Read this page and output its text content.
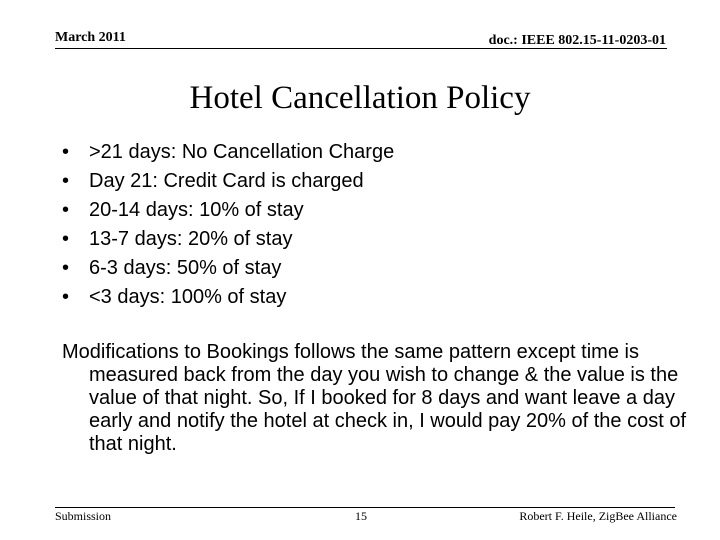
March 2011	doc.: IEEE 802.15-11-0203-01
Hotel Cancellation Policy
• >21 days: No Cancellation Charge
• Day 21: Credit Card is charged
• 20-14 days: 10% of stay
• 13-7 days: 20% of stay
• 6-3 days: 50% of stay
• <3 days: 100% of stay
Modifications to Bookings follows the same pattern except time is measured back from the day you wish to change & the value is the value of that night. So, If I booked for 8 days and want leave a day early and notify the hotel at check in, I would pay 20% of the cost of that night.
Submission	15	Robert F. Heile, ZigBee Alliance
